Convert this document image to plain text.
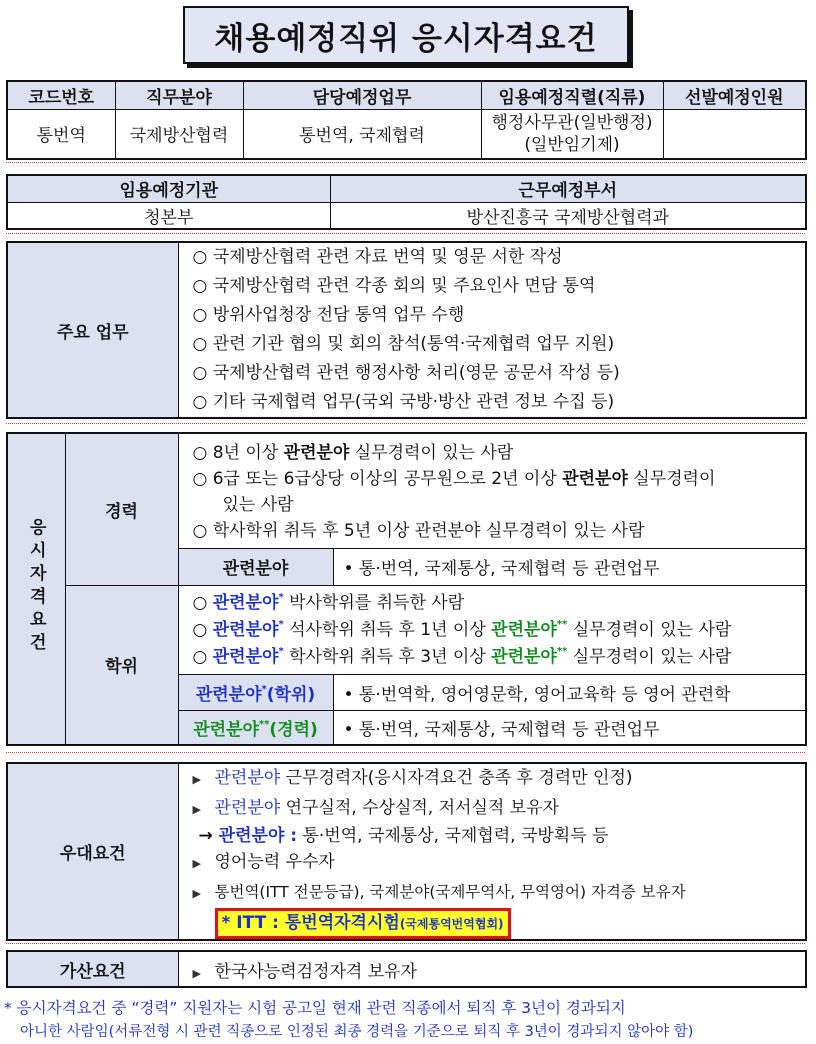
채용예정직위 응시자격요건
코드번호	직무분야	담당예정업무	임용예정직렬(직류)	선발예정인원
통번역	국제방산협력	통번역, 국제협력	행정사무관(일반행정)
(일반임기제)	
임용예정기관	근무예정부서
청본부	방산진흥국 국제방산협력과
주요 업무	
○ 국제방산협력 관련 자료 번역 및 영문 서한 작성
○ 국제방산협력 관련 각종 회의 및 주요인사 면담 통역
○ 방위사업청장 전담 통역 업무 수행
○ 관련 기관 협의 및 회의 참석(통역·국제협력 업무 지원)
○ 국제방산협력 관련 행정사항 처리(영문 공문서 작성 등)
○ 기타 국제협력 업무(국외 국방·방산 관련 정보 수집 등)
응시자격요건	경력	○ 8년 이상 관련분야 실무경력이 있는 사람
○ 6급 또는 6급상당 이상의 공무원으로 2년 이상 관련분야 실무경력이
있는 사람
○ 학사학위 취득 후 5년 이상 관련분야 실무경력이 있는 사람	

		관련분야	• 통·번역, 국제통상, 국제협력 등 관련업무
	학위	○ 관련분야* 박사학위를 취득한 사람
○ 관련분야* 석사학위 취득 후 1년 이상 관련분야** 실무경력이 있는 사람
○ 관련분야* 학사학위 취득 후 3년 이상 관련분야** 실무경력이 있는 사람	

		관련분야*(학위)	• 통·번역학, 영어영문학, 영어교육학 등 영어 관련학
		관련분야**(경력)	• 통·번역, 국제통상, 국제협력 등 관련업무
우대요건	
▶ 관련분야 근무경력자(응시자격요건 충족 후 경력만 인정)
▶ 관련분야 연구실적, 수상실적, 저서실적 보유자
→ 관련분야 : 통·번역, 국제통상, 국제협력, 국방획득 등
▶ 영어능력 우수자
▶ 통번역(ITT 전문등급), 국제분야(국제무역사, 무역영어) 자격증 보유자
* ITT : 통번역자격시험(국제통역번역협회)
가산요건	▶ 한국사능력검정자격 보유자
* 응시자격요건 중 “경력” 지원자는 시험 공고일 현재 관련 직종에서 퇴직 후 3년이 경과되지
아니한 사람임(서류전형 시 관련 직종으로 인정된 최종 경력을 기준으로 퇴직 후 3년이 경과되지 않아야 함)
